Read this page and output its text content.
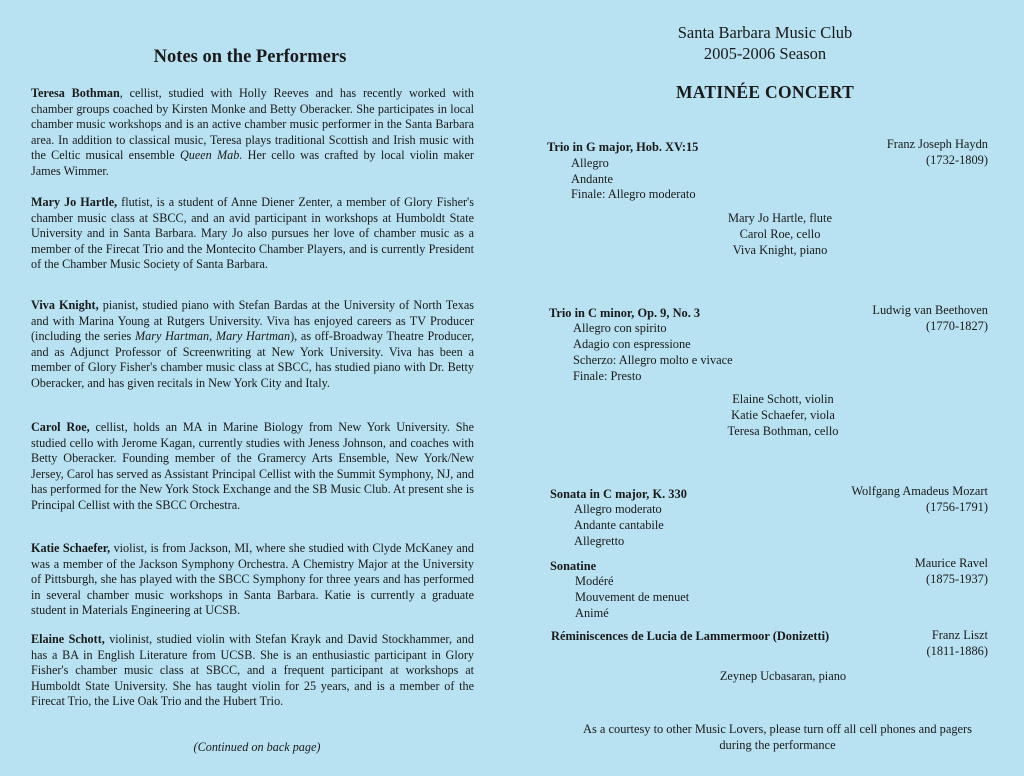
Notes on the Performers

Teresa Bothman, cellist, studied with Holly Reeves and has recently worked with chamber groups coached by Kirsten Monke and Betty Oberacker. She participates in local chamber music workshops and is an active chamber music performer in the Santa Barbara area. In addition to classical music, Teresa plays traditional Scottish and Irish music with the Celtic musical ensemble Queen Mab. Her cello was crafted by local violin maker James Wimmer.

Mary Jo Hartle, flutist, is a student of Anne Diener Zenter, a member of Glory Fisher's chamber music class at SBCC, and an avid participant in workshops at Humboldt State University and in Santa Barbara. Mary Jo also pursues her love of chamber music as a member of the Firecat Trio and the Montecito Chamber Players, and is currently President of the Chamber Music Society of Santa Barbara.

Viva Knight, pianist, studied piano with Stefan Bardas at the University of North Texas and with Marina Young at Rutgers University. Viva has enjoyed careers as TV Producer (including the series Mary Hartman, Mary Hartman), as off-Broadway Theatre Producer, and as Adjunct Professor of Screenwriting at New York University. Viva has been a member of Glory Fisher's chamber music class at SBCC, has studied piano with Dr. Betty Oberacker, and has given recitals in New York City and Italy.

Carol Roe, cellist, holds an MA in Marine Biology from New York University. She studied cello with Jerome Kagan, currently studies with Jeness Johnson, and coaches with Betty Oberacker. Founding member of the Gramercy Arts Ensemble, New York/New Jersey, Carol has served as Assistant Principal Cellist with the Summit Symphony, NJ, and has performed for the New York Stock Exchange and the SB Music Club. At present she is Principal Cellist with the SBCC Orchestra.

Katie Schaefer, violist, is from Jackson, MI, where she studied with Clyde McKaney and was a member of the Jackson Symphony Orchestra. A Chemistry Major at the University of Pittsburgh, she has played with the SBCC Symphony for three years and has performed in several chamber music workshops in Santa Barbara. Katie is currently a graduate student in Materials Engineering at UCSB.

Elaine Schott, violinist, studied violin with Stefan Krayk and David Stockhammer, and has a BA in English Literature from UCSB. She is an enthusiastic participant in Glory Fisher's chamber music class at SBCC, and a frequent participant at workshops at Humboldt State University. She has taught violin for 25 years, and is a member of the Firecat Trio, the Live Oak Trio and the Hubert Trio.

(Continued on back page)
Santa Barbara Music Club
2005-2006 Season
MATINÉE CONCERT
Trio in G major, Hob. XV:15	Franz Joseph Haydn
(1732-1809)
Allegro
Andante
Finale: Allegro moderato
Mary Jo Hartle, flute
Carol Roe, cello
Viva Knight, piano
Trio in C minor, Op. 9, No. 3	Ludwig van Beethoven
(1770-1827)
Allegro con spirito
Adagio con espressione
Scherzo: Allegro molto e vivace
Finale: Presto
Elaine Schott, violin
Katie Schaefer, viola
Teresa Bothman, cello
Sonata in C major, K. 330	Wolfgang Amadeus Mozart
(1756-1791)
Allegro moderato
Andante cantabile
Allegretto
Sonatine	Maurice Ravel
(1875-1937)
Modéré
Mouvement de menuet
Animé
Réminiscences de Lucia de Lammermoor (Donizetti)	Franz Liszt
(1811-1886)
Zeynep Ucbasaran, piano
As a courtesy to other Music Lovers, please turn off all cell phones and pagers
during the performance
